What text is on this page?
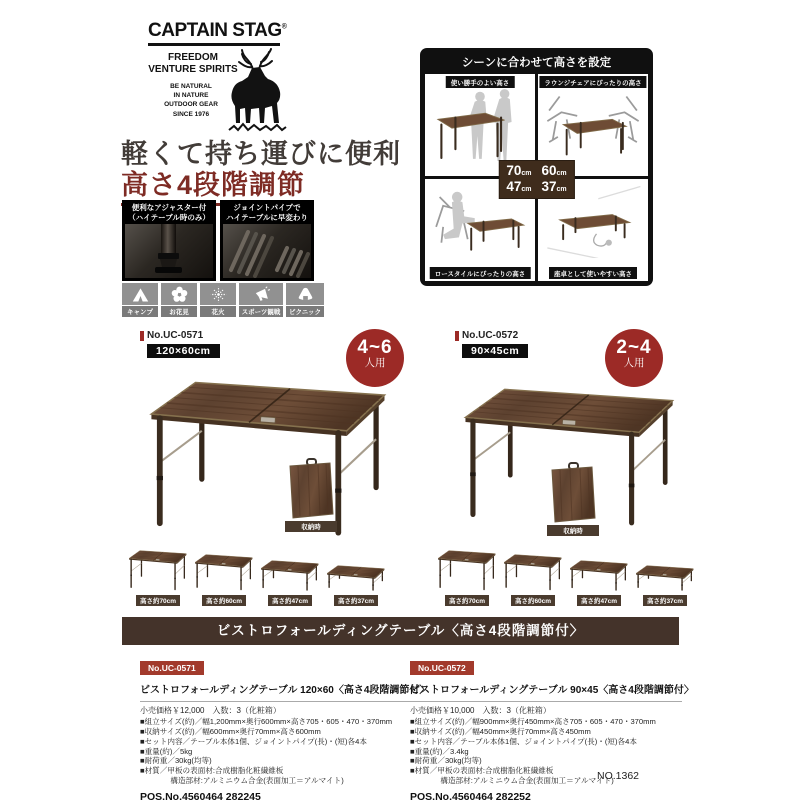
CAPTAIN STAG®
FREEDOM
VENTURE SPIRITS
BE NATURAL
IN NATURE
OUTDOOR GEAR
SINCE 1976
軽くて持ち運びに便利
高さ4段階調節
便利なアジャスター付
（ハイテーブル時のみ）
ジョイントパイプで
ハイテーブルに早変わり
キャンプ	お花見	花火	スポーツ観戦	ピクニック
シーンに合わせて高さを設定
使い勝手のよい高さ	ラウンジチェアにぴったりの高さ
ロースタイルにぴったりの高さ	座卓として使いやすい高さ
70cm 60cm
47cm 37cm
No.UC-0571
120×60cm	4~6
人用
収納時
高さ約70cm	高さ約60cm	高さ約47cm	高さ約37cm
No.UC-0572
90×45cm	2~4
人用
収納時
高さ約70cm	高さ約60cm	高さ約47cm	高さ約37cm
ビストロフォールディングテーブル〈高さ4段階調節付〉
No.UC-0571
ビストロフォールディングテーブル 120×60〈高さ4段階調節付〉
小売価格￥12,000　入数：3（化粧箱）
■組立サイズ(約)／幅1,200mm×奥行600mm×高さ705・605・470・370mm
■収納サイズ(約)／幅600mm×奥行70mm×高さ600mm
■セット内容／テーブル本体1個、ジョイントパイプ(長)・(短)各4本
■重量(約)／5kg
■耐荷重／30kg(均等)
■材質／甲板の表面材:合成樹脂化粧繊維板
　　　　構造部材:アルミニウム合金(表面加工＝アルマイト)
POS.No.4560464 282245
No.UC-0572
ビストロフォールディングテーブル 90×45〈高さ4段階調節付〉
小売価格￥10,000　入数：3（化粧箱）
■組立サイズ(約)／幅900mm×奥行450mm×高さ705・605・470・370mm
■収納サイズ(約)／幅450mm×奥行70mm×高さ450mm
■セット内容／テーブル本体1個、ジョイントパイプ(長)・(短)各4本
■重量(約)／3.4kg
■耐荷重／30kg(均等)
■材質／甲板の表面材:合成樹脂化粧繊維板
　　　　構造部材:アルミニウム合金(表面加工＝アルマイト)
POS.No.4560464 282252
NO.1362
